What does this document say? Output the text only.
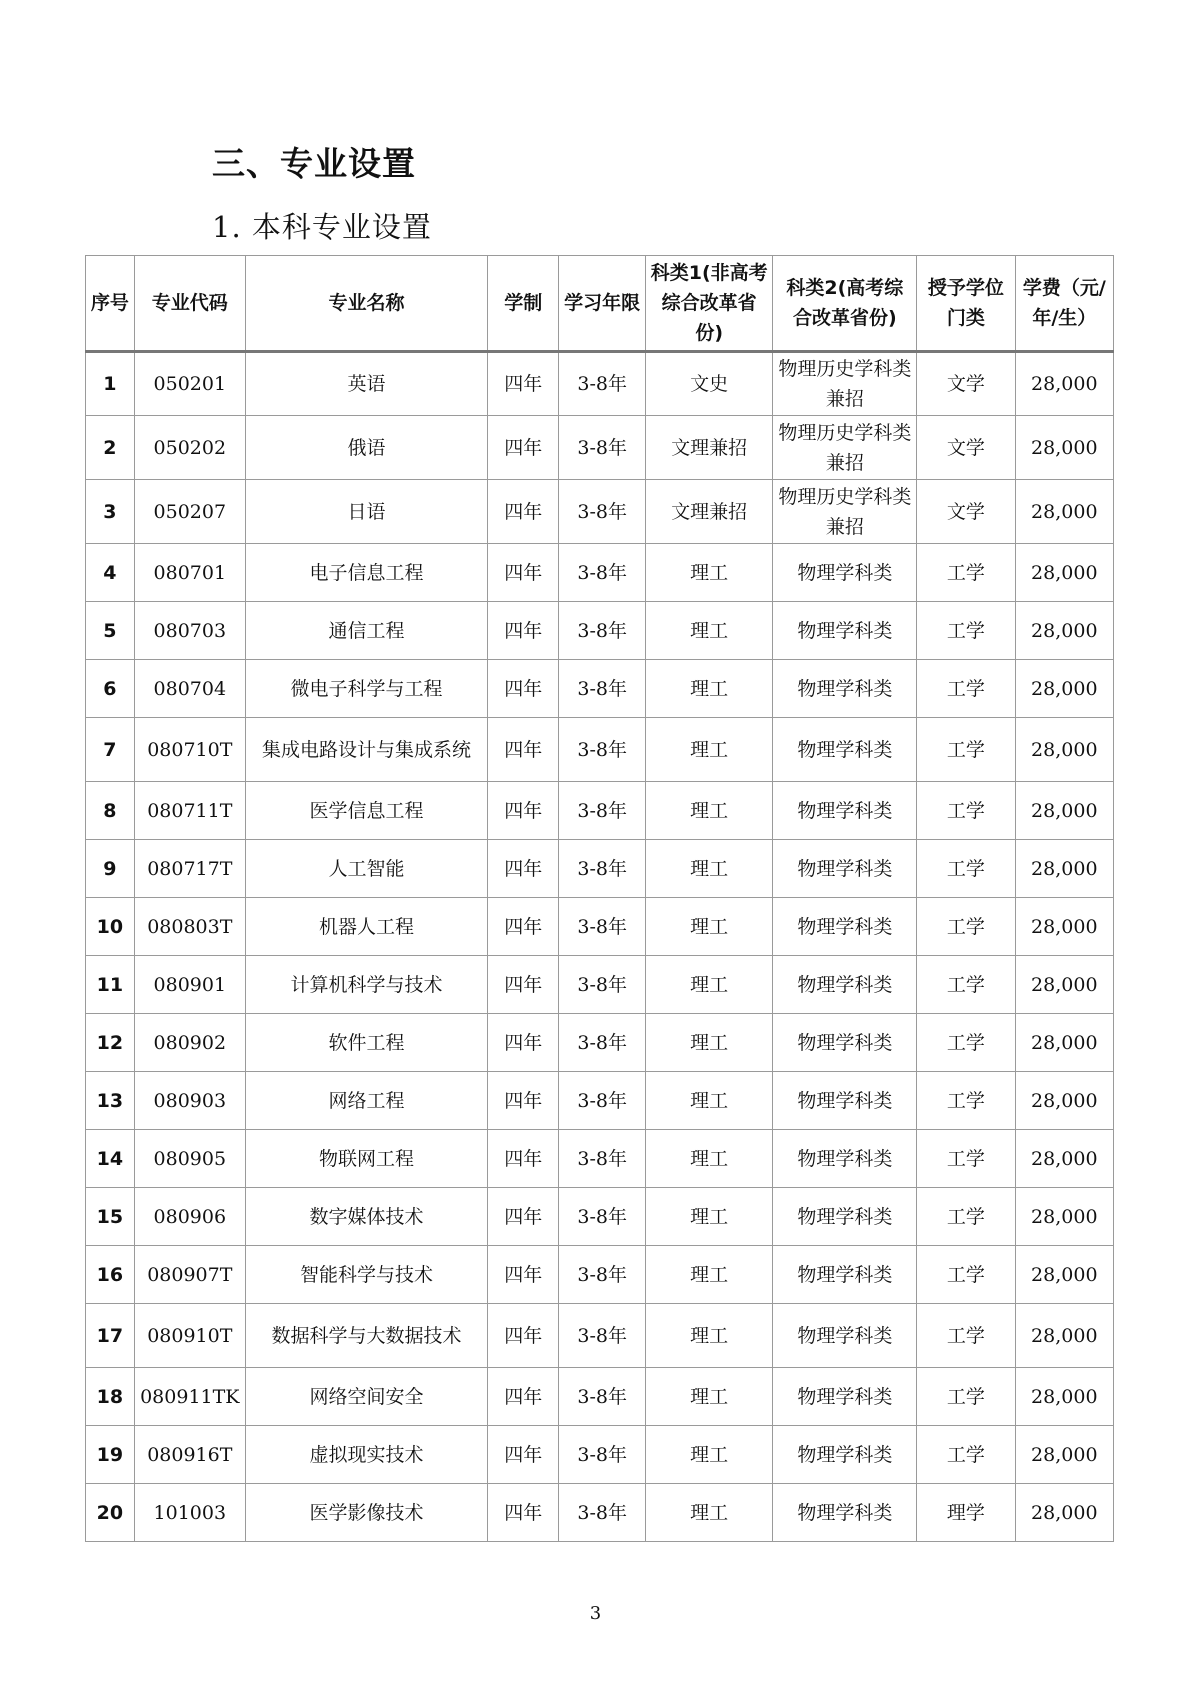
三、专业设置
1. 本科专业设置
序号	专业代码	专业名称	学制	学习年限	科类1(非高考综合改革省份)	科类2(高考综合改革省份)	授予学位门类	学费（元/年/生）
1	050201	英语	四年	3-8年	文史	物理历史学科类兼招	文学	28,000
2	050202	俄语	四年	3-8年	文理兼招	物理历史学科类兼招	文学	28,000
3	050207	日语	四年	3-8年	文理兼招	物理历史学科类兼招	文学	28,000
4	080701	电子信息工程	四年	3-8年	理工	物理学科类	工学	28,000
5	080703	通信工程	四年	3-8年	理工	物理学科类	工学	28,000
6	080704	微电子科学与工程	四年	3-8年	理工	物理学科类	工学	28,000
7	080710T	集成电路设计与集成系统	四年	3-8年	理工	物理学科类	工学	28,000
8	080711T	医学信息工程	四年	3-8年	理工	物理学科类	工学	28,000
9	080717T	人工智能	四年	3-8年	理工	物理学科类	工学	28,000
10	080803T	机器人工程	四年	3-8年	理工	物理学科类	工学	28,000
11	080901	计算机科学与技术	四年	3-8年	理工	物理学科类	工学	28,000
12	080902	软件工程	四年	3-8年	理工	物理学科类	工学	28,000
13	080903	网络工程	四年	3-8年	理工	物理学科类	工学	28,000
14	080905	物联网工程	四年	3-8年	理工	物理学科类	工学	28,000
15	080906	数字媒体技术	四年	3-8年	理工	物理学科类	工学	28,000
16	080907T	智能科学与技术	四年	3-8年	理工	物理学科类	工学	28,000
17	080910T	数据科学与大数据技术	四年	3-8年	理工	物理学科类	工学	28,000
18	080911TK	网络空间安全	四年	3-8年	理工	物理学科类	工学	28,000
19	080916T	虚拟现实技术	四年	3-8年	理工	物理学科类	工学	28,000
20	101003	医学影像技术	四年	3-8年	理工	物理学科类	理学	28,000
3
